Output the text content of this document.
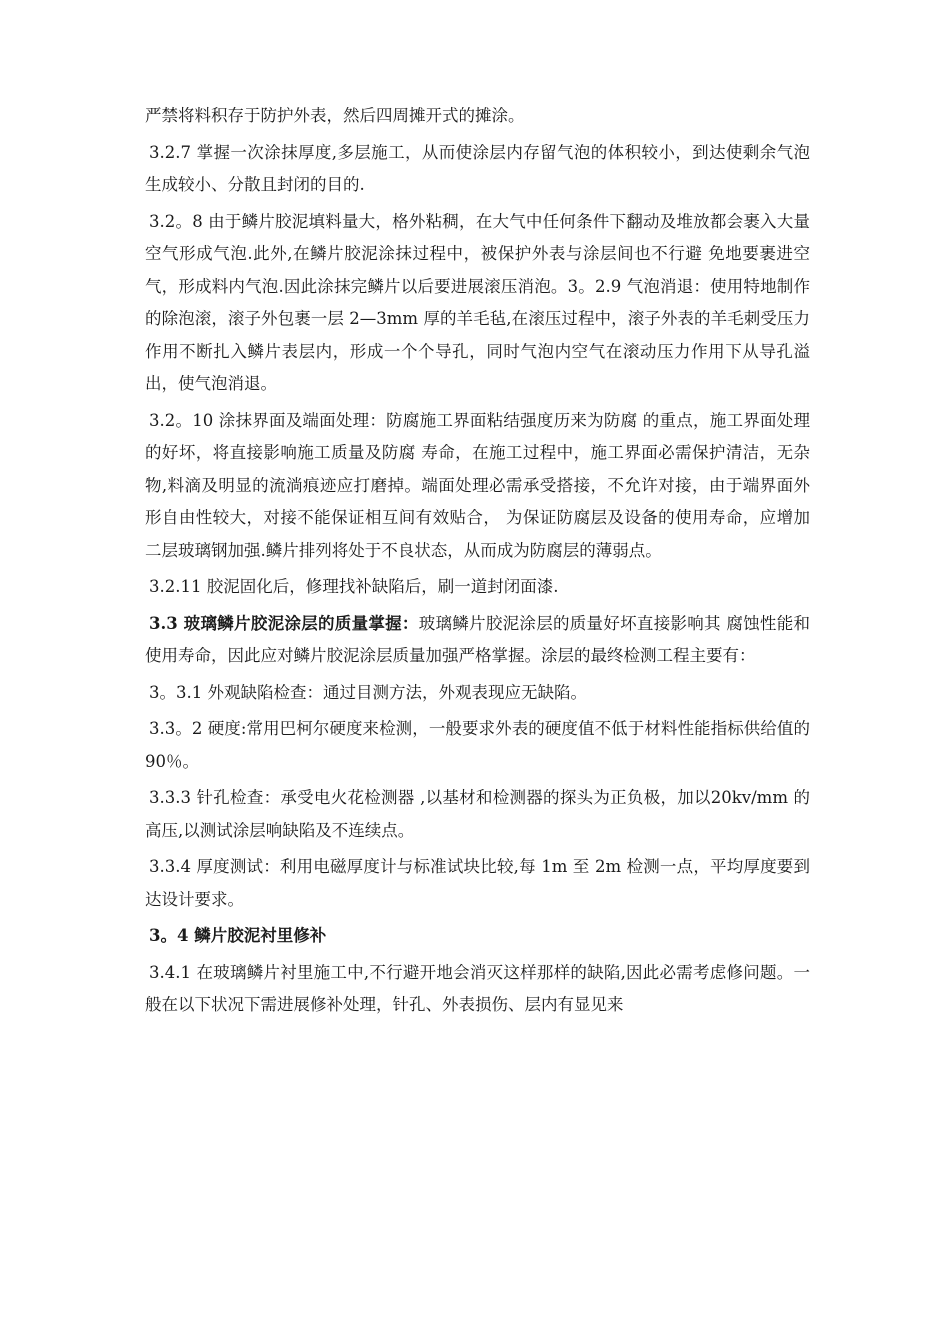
严禁将料积存于防护外表，然后四周摊开式的摊涂。

3.2.7 掌握一次涂抹厚度,多层施工，从而使涂层内存留气泡的体积较小，到达使剩余气泡生成较小、分散且封闭的目的.

3.2。8 由于鳞片胶泥填料量大，格外粘稠，在大气中任何条件下翻动及堆放都会裹入大量空气形成气泡.此外,在鳞片胶泥涂抹过程中，被保护外表与涂层间也不行避 免地要裹进空气，形成料内气泡.因此涂抹完鳞片以后要进展滚压消泡。3。2.9 气泡消退：使用特地制作的除泡滚，滚子外包裹一层 2—3mm 厚的羊毛毡,在滚压过程中，滚子外表的羊毛刺受压力作用不断扎入鳞片表层内，形成一个个导孔，同时气泡内空气在滚动压力作用下从导孔溢出，使气泡消退。

3.2。10 涂抹界面及端面处理：防腐施工界面粘结强度历来为防腐 的重点，施工界面处理的好坏，将直接影响施工质量及防腐 寿命，在施工过程中，施工界面必需保护清洁，无杂物,料滴及明显的流淌痕迹应打磨掉。端面处理必需承受搭接，不允许对接，由于端界面外形自由性较大，对接不能保证相互间有效贴合， 为保证防腐层及设备的使用寿命，应增加二层玻璃钢加强.鳞片排列将处于不良状态，从而成为防腐层的薄弱点。

3.2.11 胶泥固化后，修理找补缺陷后，刷一道封闭面漆.

3.3 玻璃鳞片胶泥涂层的质量掌握：玻璃鳞片胶泥涂层的质量好坏直接影响其 腐蚀性能和使用寿命，因此应对鳞片胶泥涂层质量加强严格掌握。涂层的最终检测工程主要有：

3。3.1 外观缺陷检查：通过目测方法，外观表现应无缺陷。

3.3。2 硬度:常用巴柯尔硬度来检测，一般要求外表的硬度值不低于材料性能指标供给值的 90％。

3.3.3 针孔检查：承受电火花检测器 ,以基材和检测器的探头为正负极，加以20kv/mm 的高压,以测试涂层响缺陷及不连续点。

3.3.4 厚度测试：利用电磁厚度计与标准试块比较,每 1m 至 2m 检测一点，平均厚度要到达设计要求。

3。4 鳞片胶泥衬里修补

3.4.1 在玻璃鳞片衬里施工中,不行避开地会消灭这样那样的缺陷,因此必需考虑修问题。一般在以下状况下需进展修补处理，针孔、外表损伤、层内有显见来
